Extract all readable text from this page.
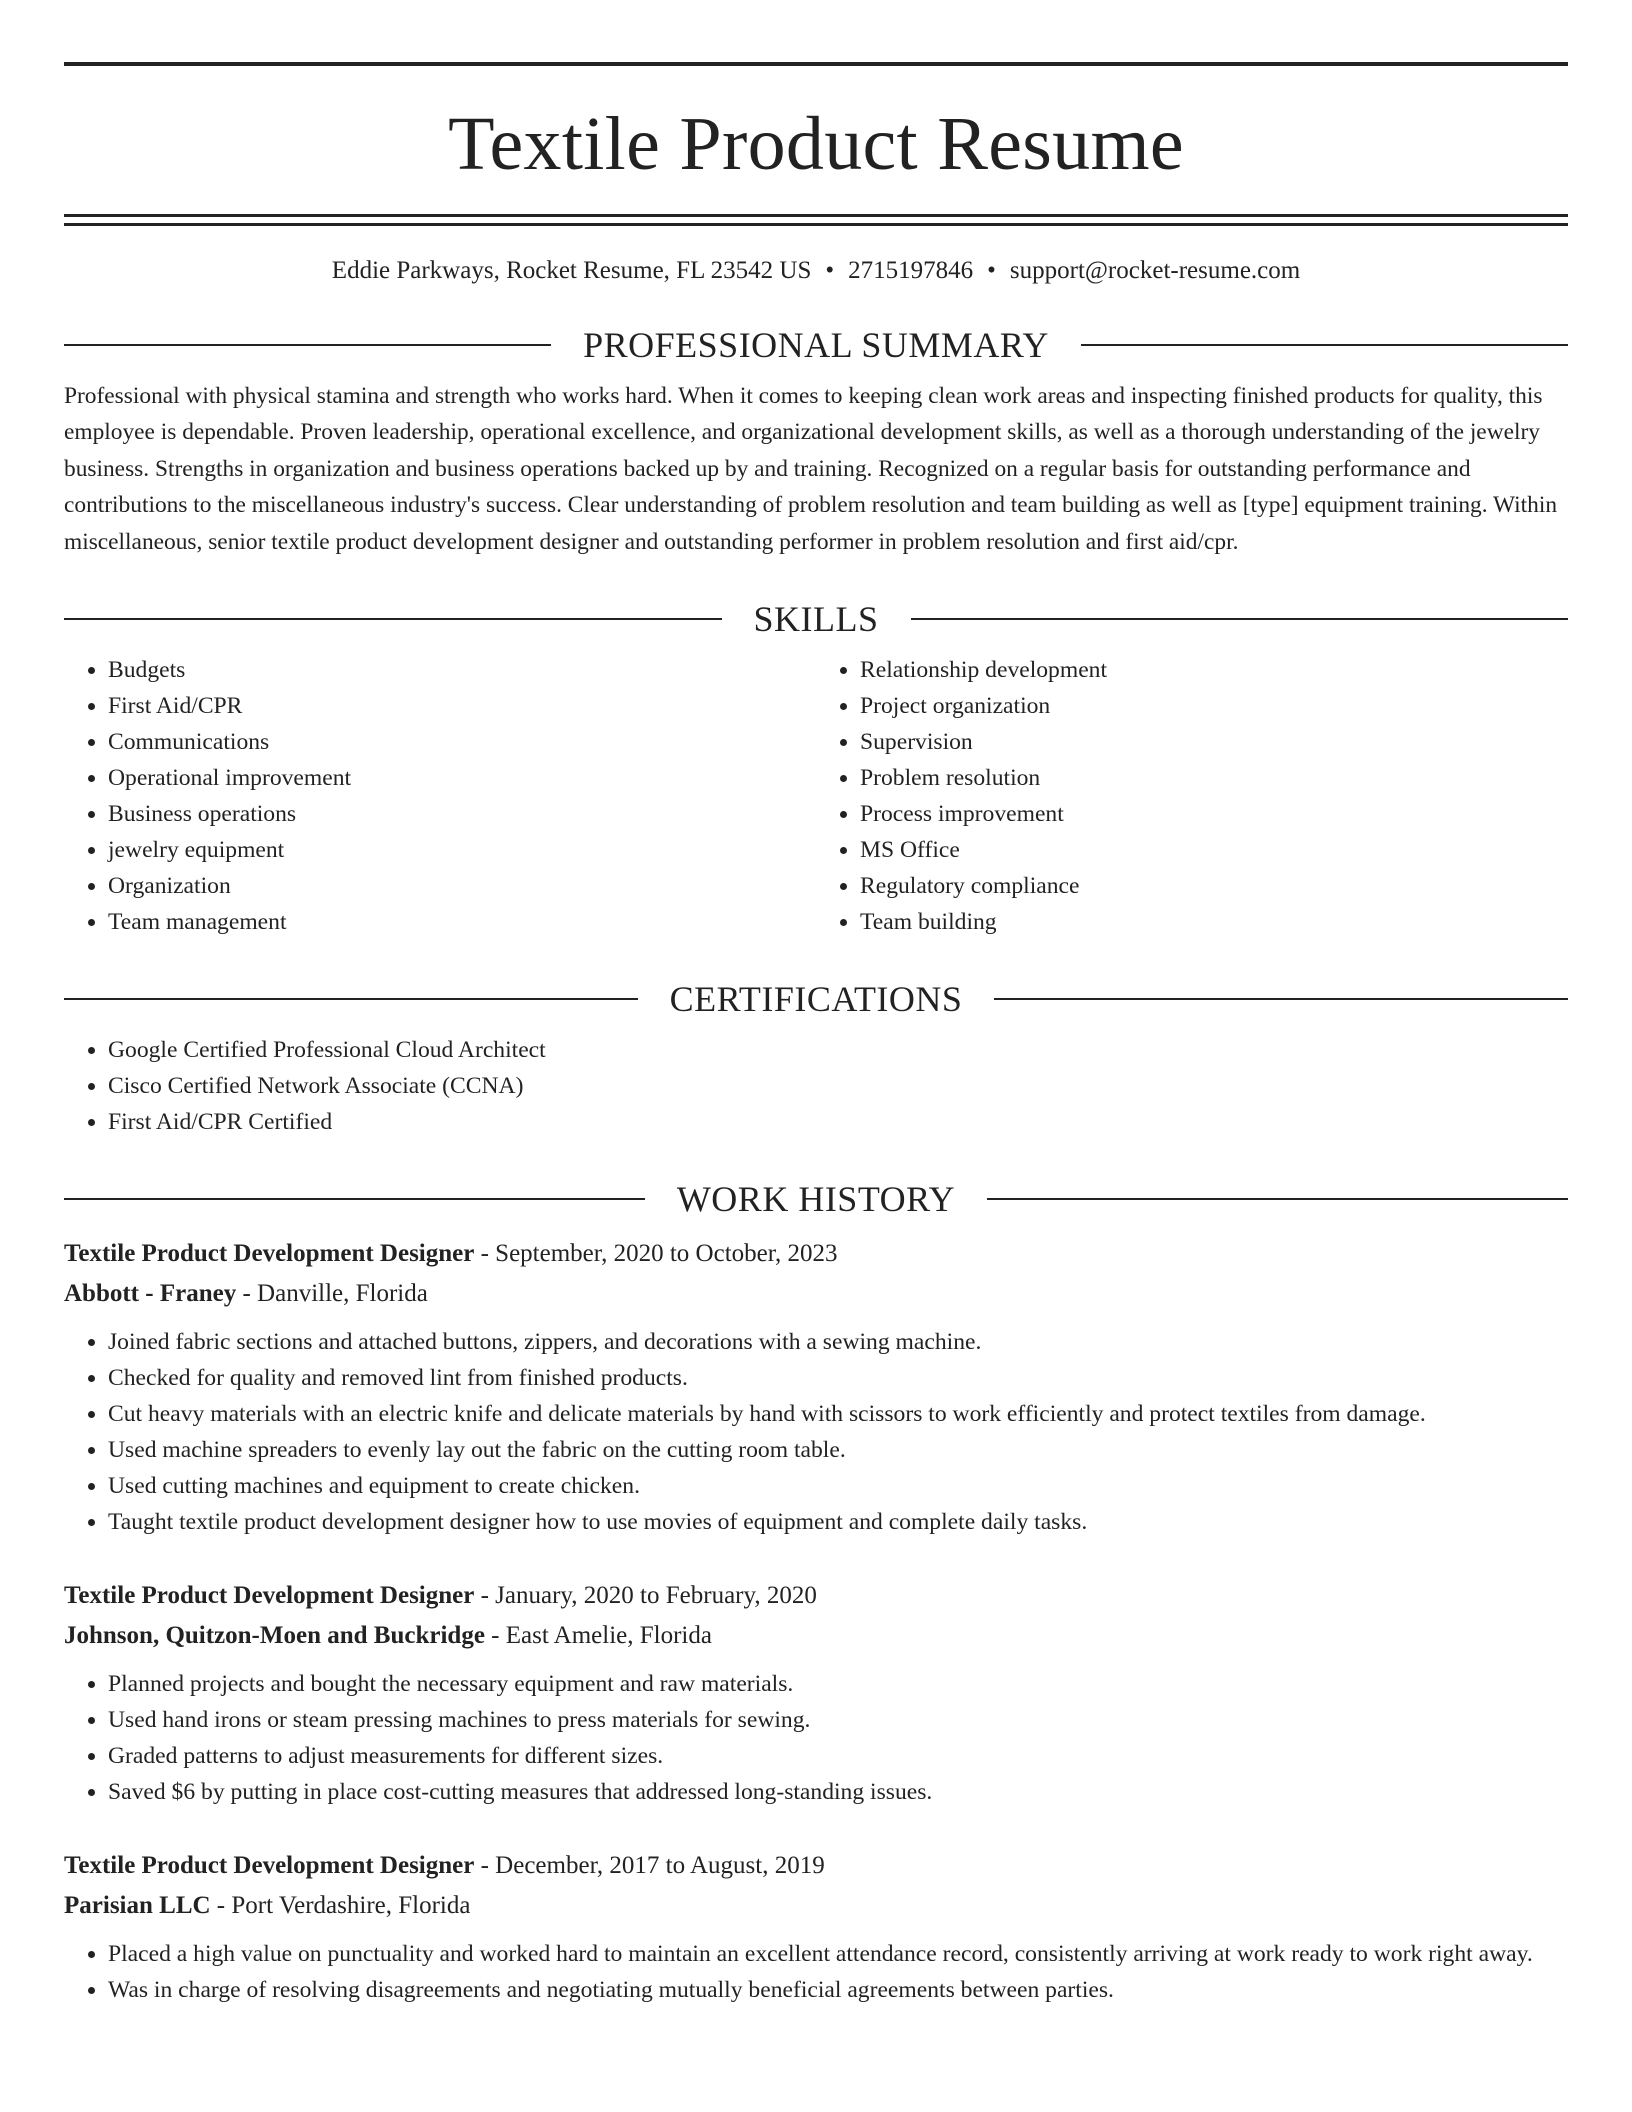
Textile Product Resume
Eddie Parkways, Rocket Resume, FL 23542 US • 2715197846 • support@rocket-resume.com
PROFESSIONAL SUMMARY

Professional with physical stamina and strength who works hard. When it comes to keeping clean work areas and inspecting finished products for quality, this employee is dependable. Proven leadership, operational excellence, and organizational development skills, as well as a thorough understanding of the jewelry business. Strengths in organization and business operations backed up by and training. Recognized on a regular basis for outstanding performance and contributions to the miscellaneous industry's success. Clear understanding of problem resolution and team building as well as [type] equipment training. Within miscellaneous, senior textile product development designer and outstanding performer in problem resolution and first aid/cpr.

SKILLS
• Budgets
• First Aid/CPR
• Communications
• Operational improvement
• Business operations
• jewelry equipment
• Organization
• Team management
• Relationship development
• Project organization
• Supervision
• Problem resolution
• Process improvement
• MS Office
• Regulatory compliance
• Team building
CERTIFICATIONS
• Google Certified Professional Cloud Architect
• Cisco Certified Network Associate (CCNA)
• First Aid/CPR Certified
WORK HISTORY
Textile Product Development Designer - September, 2020 to October, 2023
Abbott - Franey - Danville, Florida
• Joined fabric sections and attached buttons, zippers, and decorations with a sewing machine.
• Checked for quality and removed lint from finished products.
• Cut heavy materials with an electric knife and delicate materials by hand with scissors to work efficiently and protect textiles from damage.
• Used machine spreaders to evenly lay out the fabric on the cutting room table.
• Used cutting machines and equipment to create chicken.
• Taught textile product development designer how to use movies of equipment and complete daily tasks.
Textile Product Development Designer - January, 2020 to February, 2020
Johnson, Quitzon-Moen and Buckridge - East Amelie, Florida
• Planned projects and bought the necessary equipment and raw materials.
• Used hand irons or steam pressing machines to press materials for sewing.
• Graded patterns to adjust measurements for different sizes.
• Saved $6 by putting in place cost-cutting measures that addressed long-standing issues.
Textile Product Development Designer - December, 2017 to August, 2019
Parisian LLC - Port Verdashire, Florida
• Placed a high value on punctuality and worked hard to maintain an excellent attendance record, consistently arriving at work ready to work right away.
• Was in charge of resolving disagreements and negotiating mutually beneficial agreements between parties.
